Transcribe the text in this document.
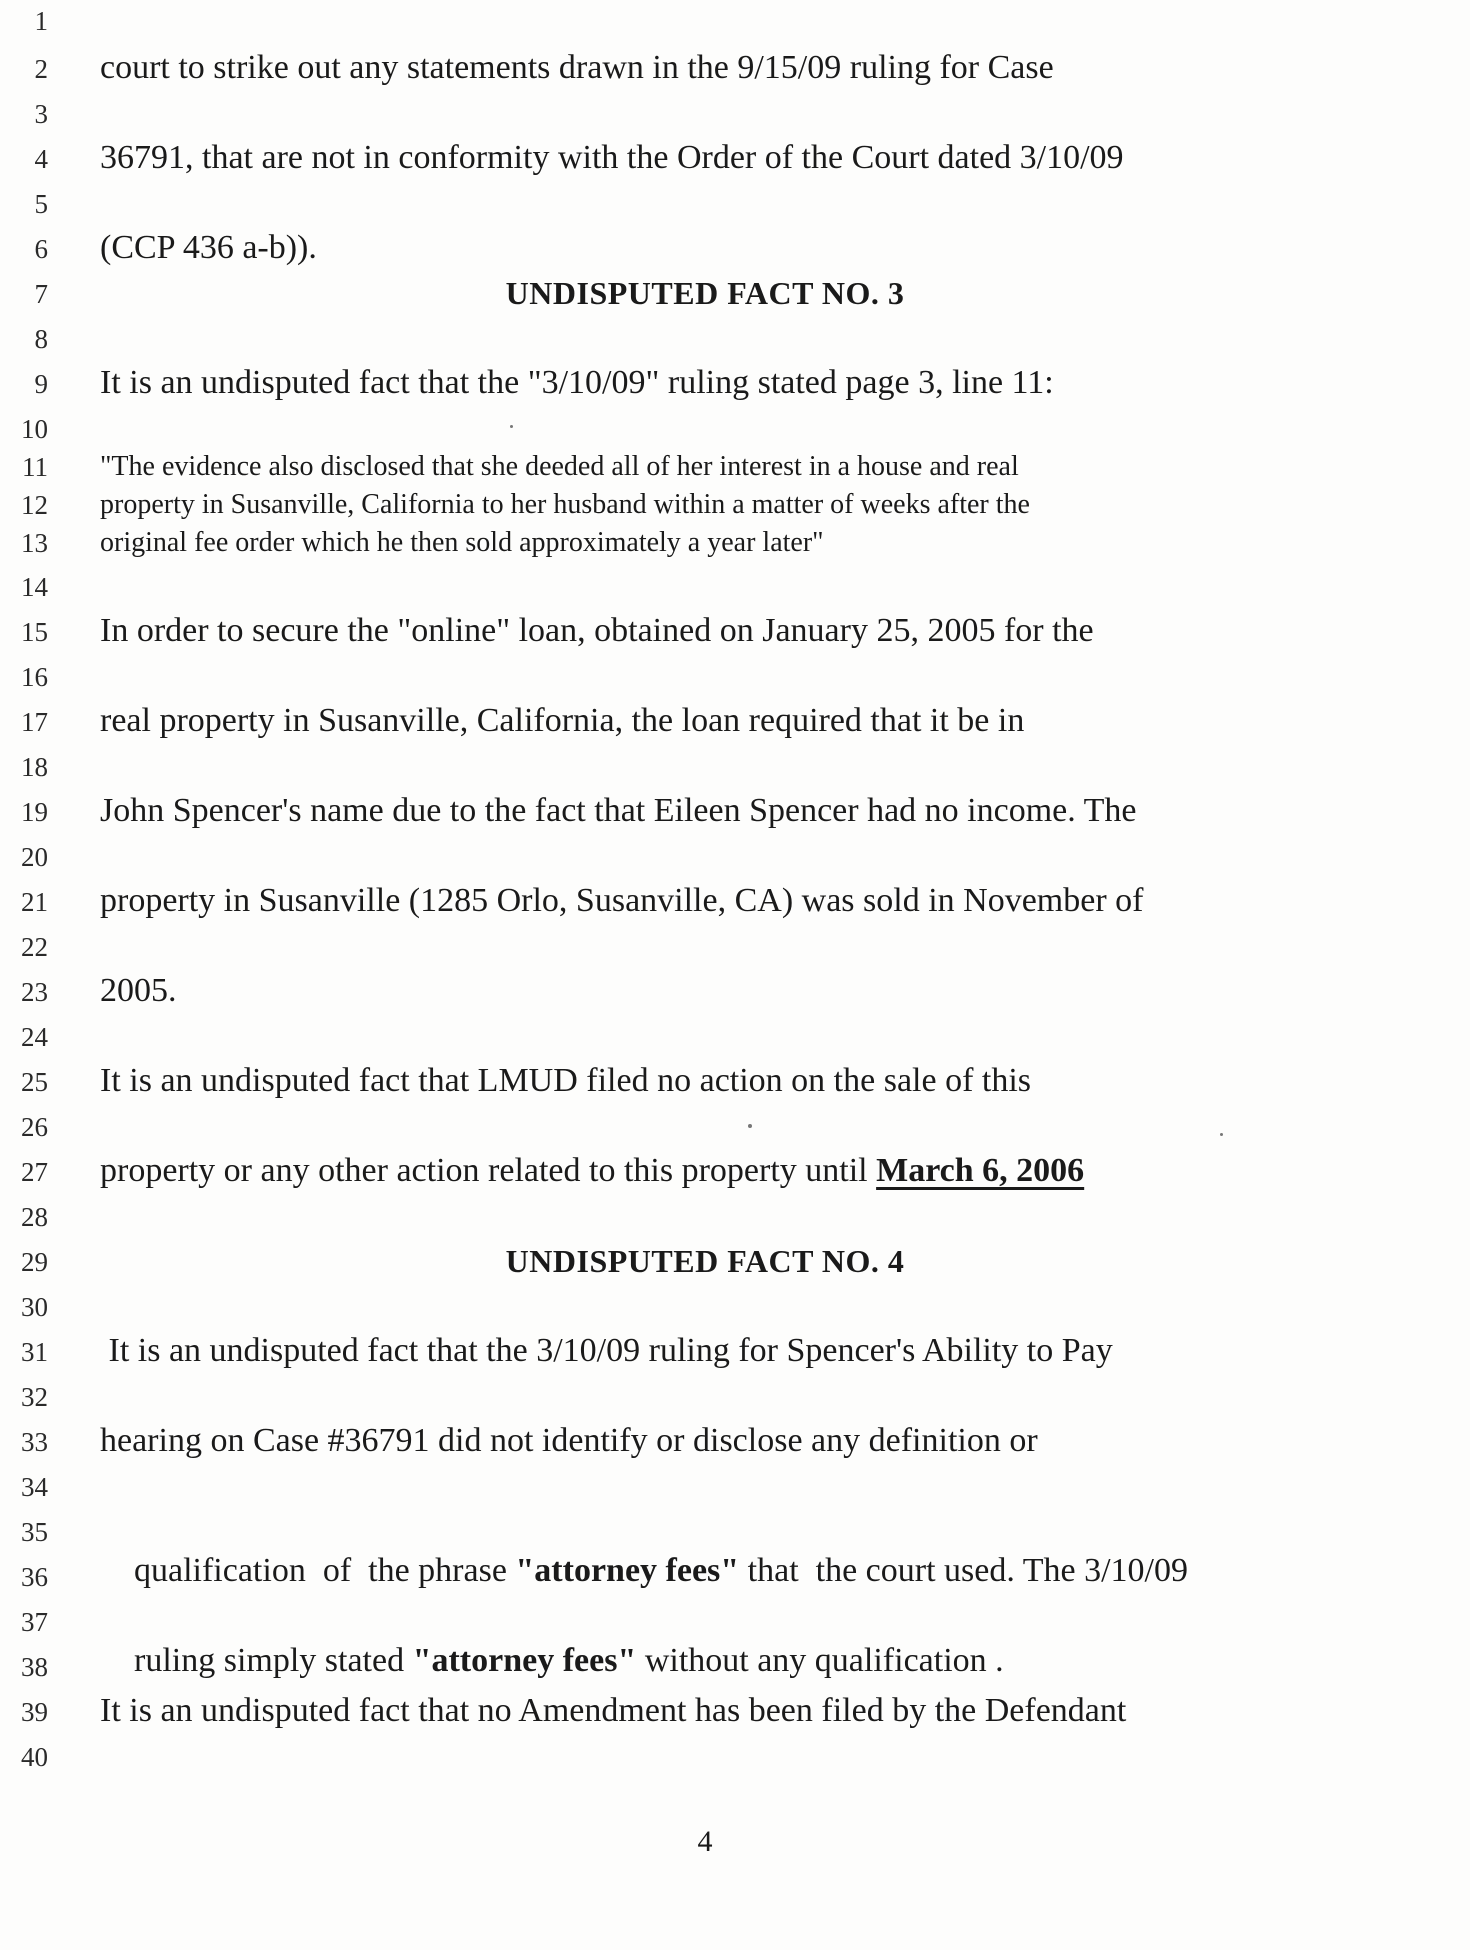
1
2
3
4
5
6
7
8
9
10
11
12
13
14
15
16
17
18
19
20
21
22
23
24
25
26
27
28
29
30
31
32
33
34
35
36
37
38
39
40
court to strike out any statements drawn in the 9/15/09 ruling for Case
36791, that are not in conformity with the Order of the Court dated 3/10/09
(CCP 436 a-b)).
UNDISPUTED FACT NO. 3
It is an undisputed fact that the "3/10/09" ruling stated page 3, line 11:
"The evidence also disclosed that she deeded all of her interest in a house and real
property in Susanville, California to her husband within a matter of weeks after the
original fee order which he then sold approximately a year later"
In order to secure the "online" loan, obtained on January 25, 2005 for the
real property in Susanville, California, the loan required that it be in
John Spencer's name due to the fact that Eileen Spencer had no income. The
property in Susanville (1285 Orlo, Susanville, CA) was sold in November of
2005.
It is an undisputed fact that LMUD filed no action on the sale of this
property or any other action related to this property until March 6, 2006
UNDISPUTED FACT NO. 4
It is an undisputed fact that the 3/10/09 ruling for Spencer's Ability to Pay
hearing on Case #36791 did not identify or disclose any definition or

qualification  of  the phrase "attorney fees" that  the court used. The 3/10/09

ruling simply stated "attorney fees" without any qualification .

It is an undisputed fact that no Amendment has been filed by the Defendant
4
